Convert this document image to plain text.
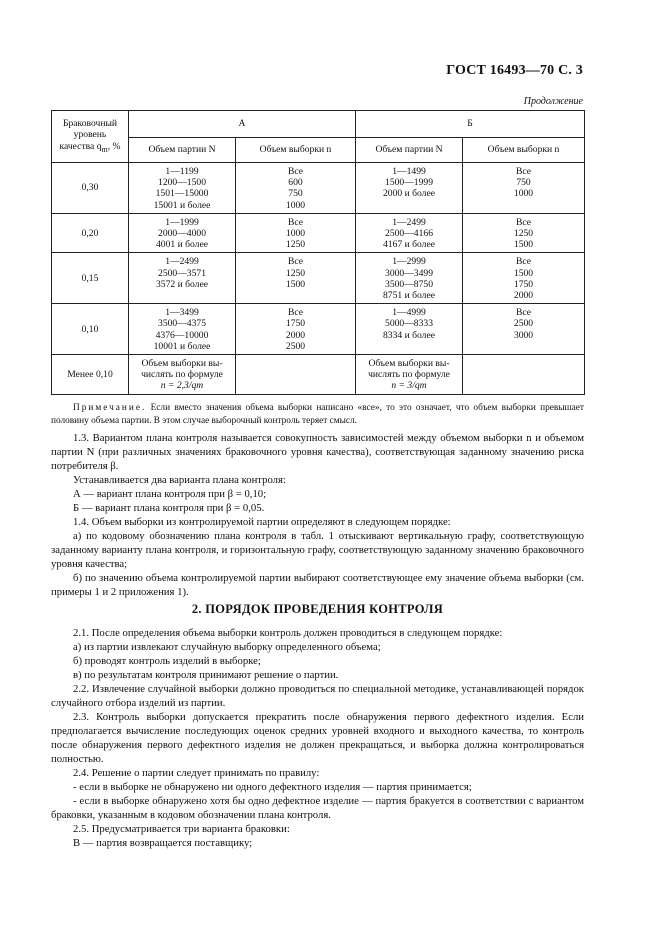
ГОСТ 16493—70 С. 3
Продолжение
Браковочный
уровень
качества $q_m$, %	А		Б	
	Объем партии N	Объем выборки n	Объем партии N	Объем выборки n
0,30	1—1199
1200—1500
1501—15000
15001 и более	Все
600
750
1000	1—1499
1500—1999
2000 и более	Все
750
1000

0,20	1—1999
2000—4000
4001 и более	Все
1000
1250	1—2499
2500—4166
4167 и более	Все
1250
1500

0,15	1—2499
2500—3571
3572 и более	Все
1250
1500	1—2999
3000—3499
3500—8750
8751 и более	Все
1500
1750
2000

0,10	1—3499
3500—4375
4376—10000
10001 и более	Все
1750
2000
2500	1—4999
5000—8333
8334 и более	Все
2500
3000

Менее 0,10	Объем выборки вы-
числять по формуле
n = 2,3/qm		Объем выборки вы-
числять по формуле
n = 3/qm	

Примечание. Если вместо значения объема выборки написано «все», то это означает, что объем выборки превышает половину объема партии. В этом случае выборочный контроль теряет смысл.

1.3. Вариантом плана контроля называется совокупность зависимостей между объемом выборки n и объемом партии N (при различных значениях браковочного уровня качества), соответствующая заданному значению риска потребителя β.

Устанавливается два варианта плана контроля:

А — вариант плана контроля при β = 0,10;

Б — вариант плана контроля при β = 0,05.

1.4. Объем выборки из контролируемой партии определяют в следующем порядке:

а) по кодовому обозначению плана контроля в табл. 1 отыскивают вертикальную графу, соответствующую заданному варианту плана контроля, и горизонтальную графу, соответствующую заданному значению браковочного уровня качества;

б) по значению объема контролируемой партии выбирают соответствующее ему значение объема выборки (см. примеры 1 и 2 приложения 1).

2. ПОРЯДОК ПРОВЕДЕНИЯ КОНТРОЛЯ

2.1. После определения объема выборки контроль должен проводиться в следующем порядке:

а) из партии извлекают случайную выборку определенного объема;

б) проводят контроль изделий в выборке;

в) по результатам контроля принимают решение о партии.

2.2. Извлечение случайной выборки должно проводиться по специальной методике, устанавливающей порядок случайного отбора изделий из партии.

2.3. Контроль выборки допускается прекратить после обнаружения первого дефектного изделия. Если предполагается вычисление последующих оценок средних уровней входного и выходного качества, то контроль после обнаружения первого дефектного изделия не должен прекращаться, и выборка должна контролироваться полностью.

2.4. Решение о партии следует принимать по правилу:

- если в выборке не обнаружено ни одного дефектного изделия — партия принимается;

- если в выборке обнаружено хотя бы одно дефектное изделие — партия бракуется в соответствии с вариантом браковки, указанным в кодовом обозначении плана контроля.

2.5. Предусматривается три варианта браковки:

В — партия возвращается поставщику;
